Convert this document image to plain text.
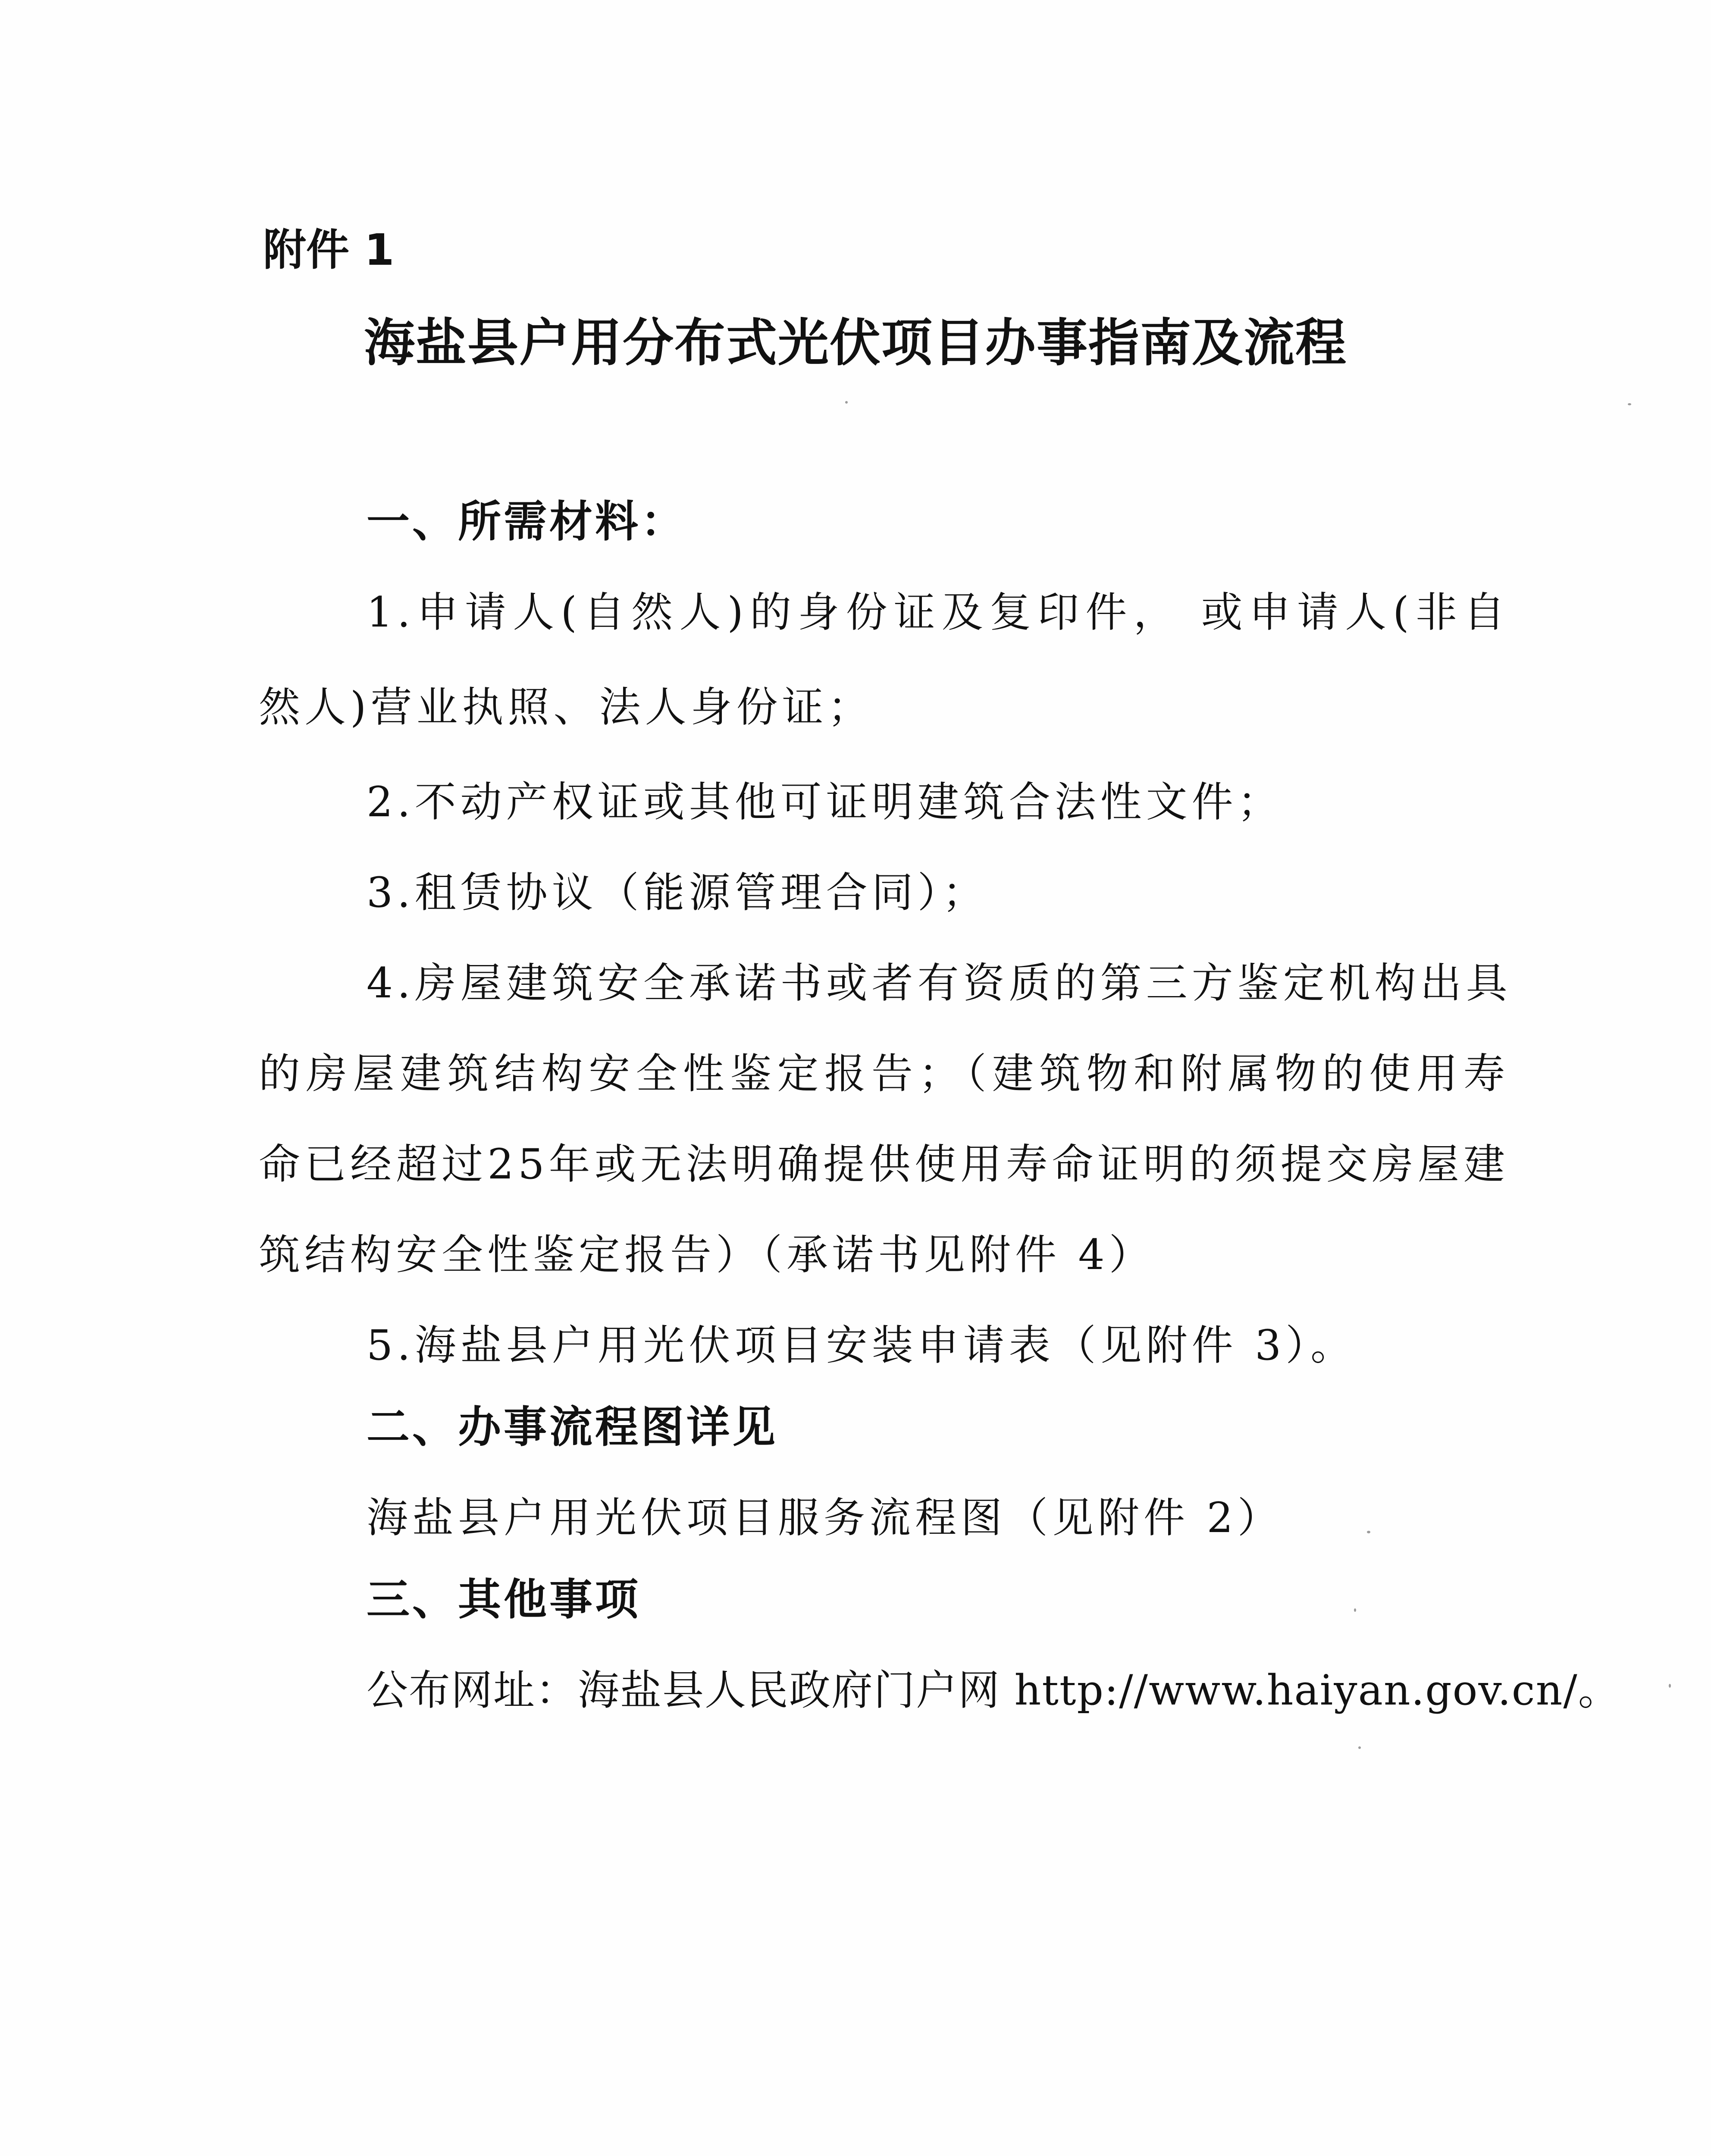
附件 1
海盐县户用分布式光伏项目办事指南及流程
一、所需材料：
1.申请人(自然人)的身份证及复印件， 或申请人(非自
然人)营业执照、法人身份证；
2.不动产权证或其他可证明建筑合法性文件；
3.租赁协议（能源管理合同）；
4.房屋建筑安全承诺书或者有资质的第三方鉴定机构出具
的房屋建筑结构安全性鉴定报告；（建筑物和附属物的使用寿
命已经超过25年或无法明确提供使用寿命证明的须提交房屋建
筑结构安全性鉴定报告）（承诺书见附件 4）
5.海盐县户用光伏项目安装申请表（见附件 3）。
二、办事流程图详见
海盐县户用光伏项目服务流程图（见附件 2）
三、其他事项
公布网址：海盐县人民政府门户网 http://www.haiyan.gov.cn/。
